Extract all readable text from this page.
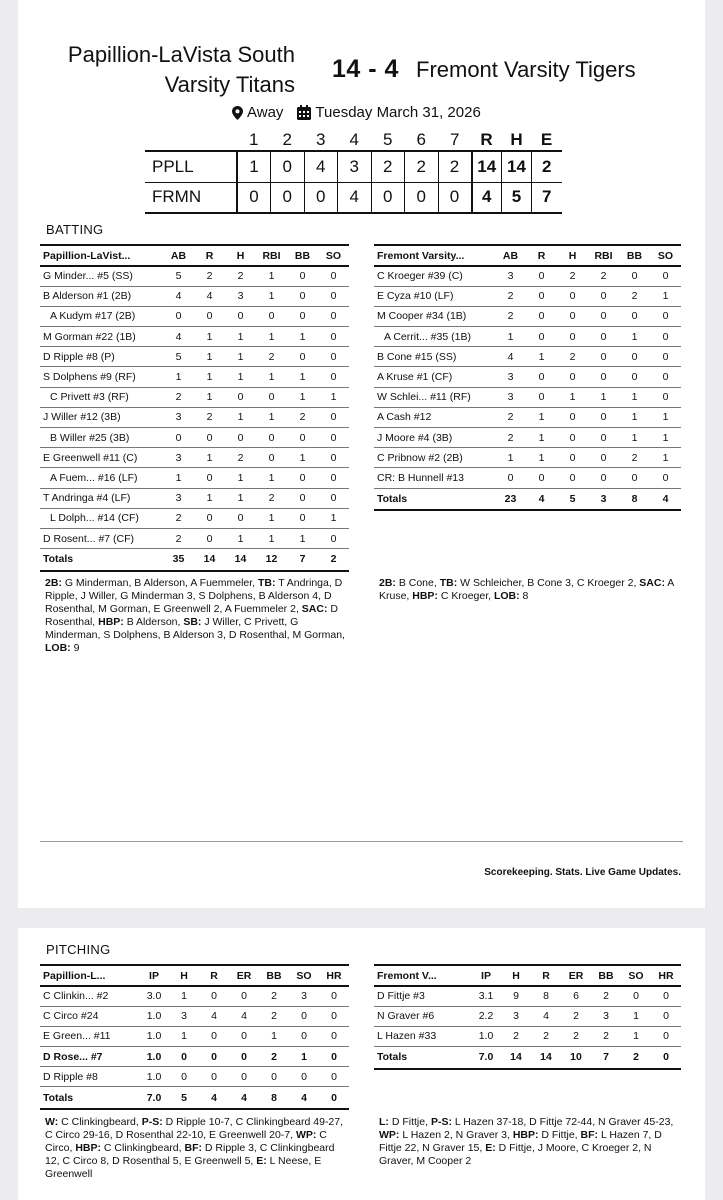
Papillion-LaVista South
Varsity Titans
14 - 4 Fremont Varsity Tigers
Away Tuesday March 31, 2026
	1	2	3	4	5	6	7	R	H	E
PPLL	1	0	4	3	2	2	2	14	14	2
FRMN	0	0	0	4	0	0	0	4	5	7
BATTING
Papillion-LaVist...	AB	R	H	RBI	BB	SO
G Minder... #5 (SS)	5	2	2	1	0	0
B Alderson #1 (2B)	4	4	3	1	0	0
A Kudym #17 (2B)	0	0	0	0	0	0
M Gorman #22 (1B)	4	1	1	1	1	0
D Ripple #8 (P)	5	1	1	2	0	0
S Dolphens #9 (RF)	1	1	1	1	1	0
C Privett #3 (RF)	2	1	0	0	1	1
J Willer #12 (3B)	3	2	1	1	2	0
B Willer #25 (3B)	0	0	0	0	0	0
E Greenwell #11 (C)	3	1	2	0	1	0
A Fuem... #16 (LF)	1	0	1	1	0	0
T Andringa #4 (LF)	3	1	1	2	0	0
L Dolph... #14 (CF)	2	0	0	1	0	1
D Rosent... #7 (CF)	2	0	1	1	1	0
Totals	35	14	14	12	7	2
Fremont Varsity...	AB	R	H	RBI	BB	SO
C Kroeger #39 (C)	3	0	2	2	0	0
E Cyza #10 (LF)	2	0	0	0	2	1
M Cooper #34 (1B)	2	0	0	0	0	0
A Cerrit... #35 (1B)	1	0	0	0	1	0
B Cone #15 (SS)	4	1	2	0	0	0
A Kruse #1 (CF)	3	0	0	0	0	0
W Schlei... #11 (RF)	3	0	1	1	1	0
A Cash #12	2	1	0	0	1	1
J Moore #4 (3B)	2	1	0	0	1	1
C Pribnow #2 (2B)	1	1	0	0	2	1
CR: B Hunnell #13	0	0	0	0	0	0
Totals	23	4	5	3	8	4
2B: G Minderman, B Alderson, A Fuemmeler, TB: T Andringa, D Ripple, J Willer, G Minderman 3, S Dolphens, B Alderson 4, D Rosenthal, M Gorman, E Greenwell 2, A Fuemmeler 2, SAC: D Rosenthal, HBP: B Alderson, SB: J Willer, C Privett, G Minderman, S Dolphens, B Alderson 3, D Rosenthal, M Gorman, LOB: 9
2B: B Cone, TB: W Schleicher, B Cone 3, C Kroeger 2, SAC: A Kruse, HBP: C Kroeger, LOB: 8
Scorekeeping. Stats. Live Game Updates.
PITCHING
Papillion-L...	IP	H	R	ER	BB	SO	HR
C Clinkin... #2	3.0	1	0	0	2	3	0
C Circo #24	1.0	3	4	4	2	0	0
E Green... #11	1.0	1	0	0	1	0	0
D Rose... #7	1.0	0	0	0	2	1	0
D Ripple #8	1.0	0	0	0	0	0	0
Totals	7.0	5	4	4	8	4	0
Fremont V...	IP	H	R	ER	BB	SO	HR
D Fittje #3	3.1	9	8	6	2	0	0
N Graver #6	2.2	3	4	2	3	1	0
L Hazen #33	1.0	2	2	2	2	1	0
Totals	7.0	14	14	10	7	2	0
W: C Clinkingbeard, P-S: D Ripple 10-7, C Clinkingbeard 49-27, C Circo 29-16, D Rosenthal 22-10, E Greenwell 20-7, WP: C Circo, HBP: C Clinkingbeard, BF: D Ripple 3, C Clinkingbeard 12, C Circo 8, D Rosenthal 5, E Greenwell 5, E: L Neese, E Greenwell
L: D Fittje, P-S: L Hazen 37-18, D Fittje 72-44, N Graver 45-23, WP: L Hazen 2, N Graver 3, HBP: D Fittje, BF: L Hazen 7, D Fittje 22, N Graver 15, E: D Fittje, J Moore, C Kroeger 2, N Graver, M Cooper 2
